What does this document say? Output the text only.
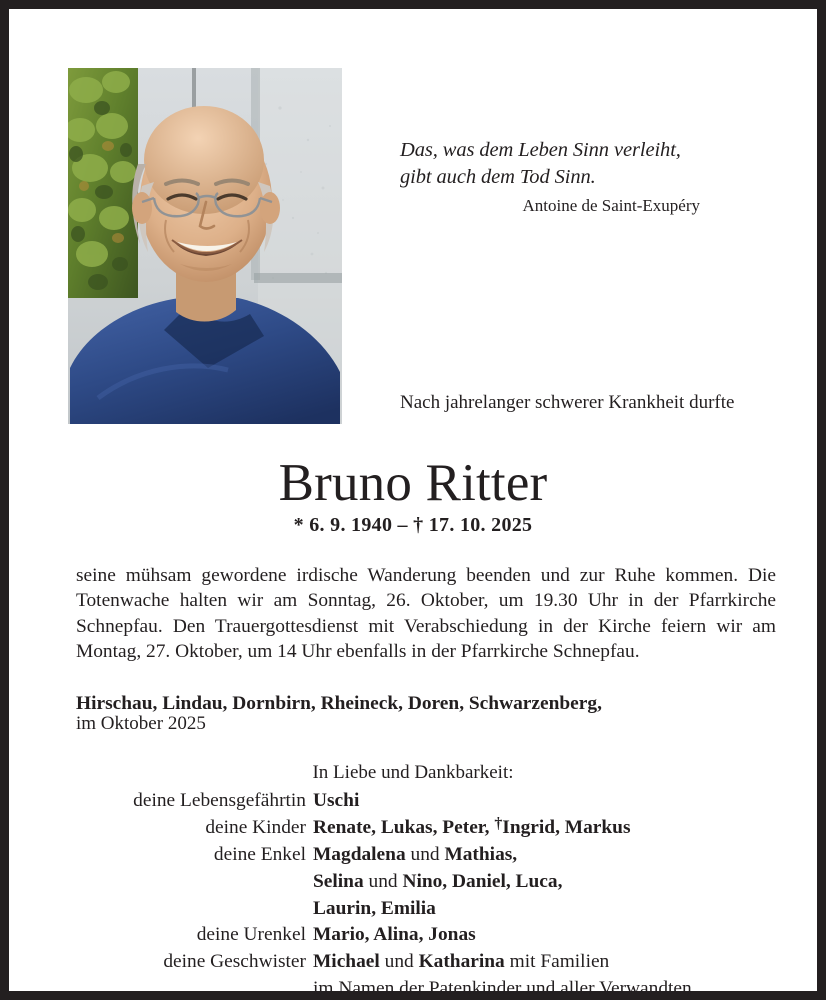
Das, was dem Leben Sinn verleiht,
gibt auch dem Tod Sinn.
Antoine de Saint-Exupéry
Nach jahrelanger schwerer Krankheit durfte
Bruno Ritter
* 6. 9. 1940 – † 17. 10. 2025
seine mühsam gewordene irdische Wanderung beenden und zur Ruhe kommen. Die Totenwache halten wir am Sonntag, 26. Oktober, um 19.30 Uhr in der Pfarrkirche Schnepfau. Den Trauergottesdienst mit Verabschiedung in der Kirche feiern wir am Montag, 27. Oktober, um 14 Uhr ebenfalls in der Pfarrkirche Schnepfau.
Hirschau, Lindau, Dornbirn, Rheineck, Doren, Schwarzenberg,
im Oktober 2025
In Liebe und Dankbarkeit:
deine Lebensgefährtin Uschi
deine Kinder Renate, Lukas, Peter, †Ingrid, Markus
deine Enkel Magdalena und Mathias,
Selina und Nino, Daniel, Luca,
Laurin, Emilia
deine Urenkel Mario, Alina, Jonas
deine Geschwister Michael und Katharina mit Familien
im Namen der Patenkinder und aller Verwandten
